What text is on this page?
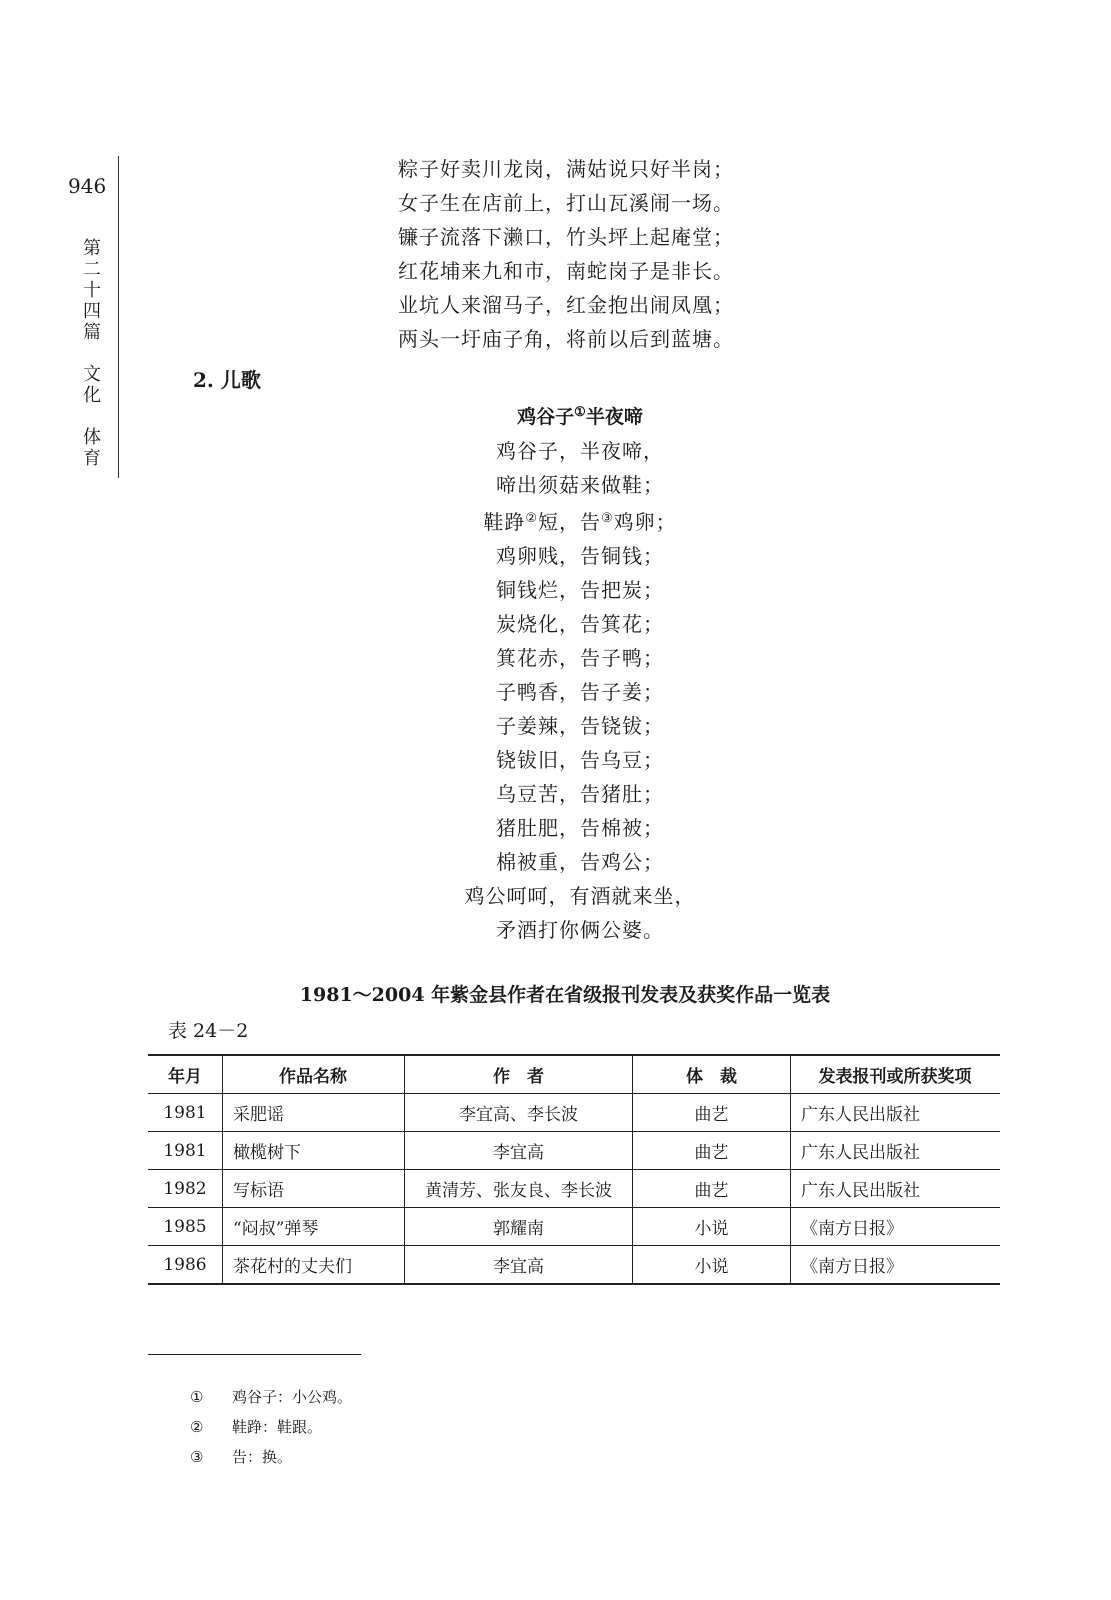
946
第二十四篇　文化　体育
粽子好卖川龙岗，满姑说只好半岗；
女子生在店前上，打山瓦溪闹一场。
镰子流落下濑口，竹头坪上起庵堂；
红花埔来九和市，南蛇岗子是非长。
业坑人来溜马子，红金抱出闹凤凰；
两头一圩庙子角，将前以后到蓝塘。
2. 儿歌
鸡谷子①半夜啼
鸡谷子，半夜啼，
啼出须菇来做鞋；
鞋踭②短，告③鸡卵；
鸡卵贱，告铜钱；
铜钱烂，告把炭；
炭烧化，告箕花；
箕花赤，告子鸭；
子鸭香，告子姜；
子姜辣，告铙钹；
铙钹旧，告乌豆；
乌豆苦，告猪肚；
猪肚肥，告棉被；
棉被重，告鸡公；
鸡公呵呵，有酒就来坐，
矛酒打你俩公婆。
1981～2004 年紫金县作者在省级报刊发表及获奖作品一览表
表 24－2
年月	作品名称	作　者	体　裁	发表报刊或所获奖项
1981	采肥谣	李宜高、李长波	曲艺	广东人民出版社
1981	橄榄树下	李宜高	曲艺	广东人民出版社
1982	写标语	黄清芳、张友良、李长波	曲艺	广东人民出版社
1985	“闷叔”弹琴	郭耀南	小说	《南方日报》
1986	茶花村的丈夫们	李宜高	小说	《南方日报》
① 鸡谷子：小公鸡。
② 鞋踭：鞋跟。
③ 告：换。
